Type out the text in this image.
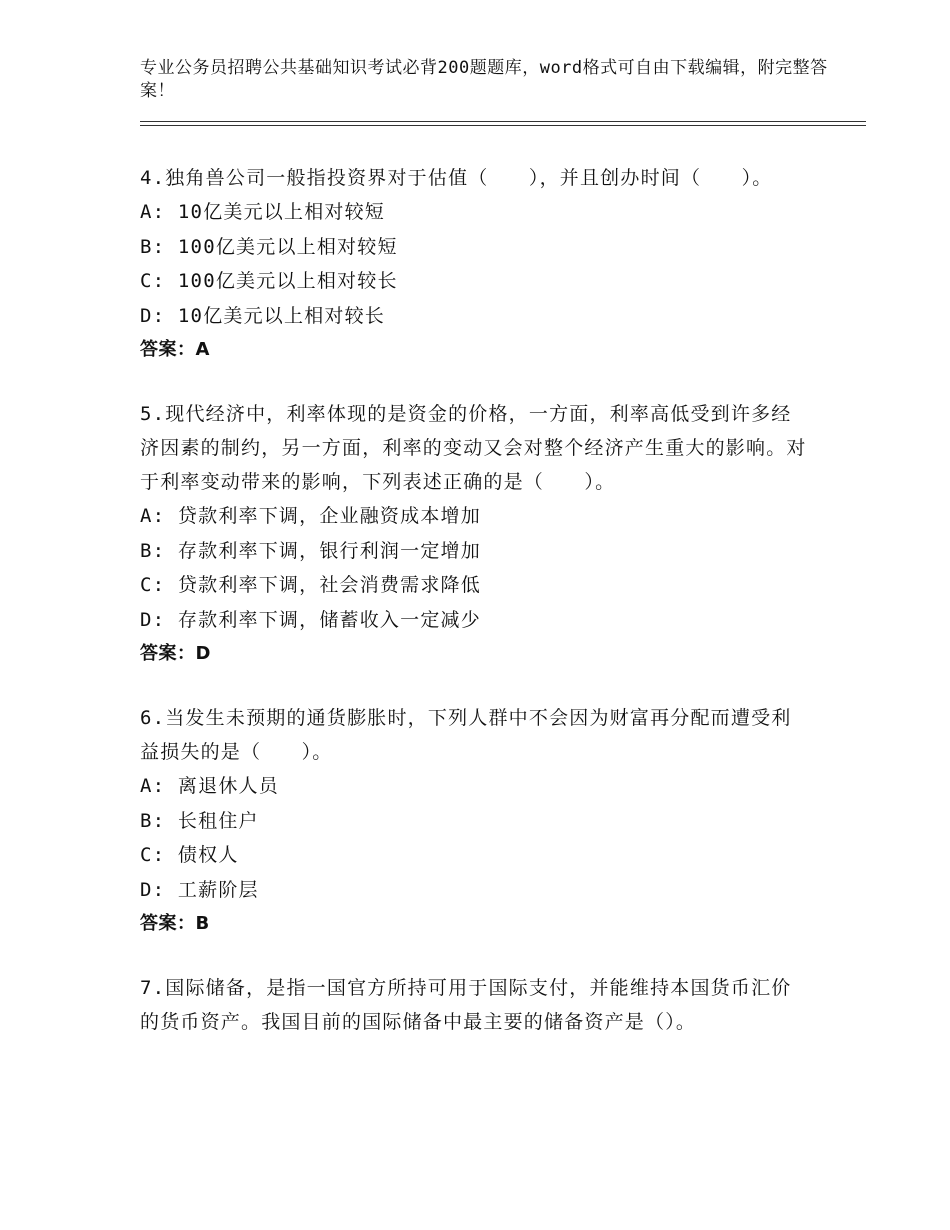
专业公务员招聘公共基础知识考试必背200题题库，word格式可自由下载编辑，附完整答案！
4.独角兽公司一般指投资界对于估值（　　），并且创办时间（　　）。
A: 10亿美元以上相对较短
B: 100亿美元以上相对较短
C: 100亿美元以上相对较长
D: 10亿美元以上相对较长
答案：A
5.现代经济中，利率体现的是资金的价格，一方面，利率高低受到许多经济因素的制约，另一方面，利率的变动又会对整个经济产生重大的影响。对于利率变动带来的影响，下列表述正确的是（　　）。
A: 贷款利率下调，企业融资成本增加
B: 存款利率下调，银行利润一定增加
C: 贷款利率下调，社会消费需求降低
D: 存款利率下调，储蓄收入一定减少
答案：D
6.当发生未预期的通货膨胀时，下列人群中不会因为财富再分配而遭受利益损失的是（　　）。
A: 离退休人员
B: 长租住户
C: 债权人
D: 工薪阶层
答案：B
7.国际储备，是指一国官方所持可用于国际支付，并能维持本国货币汇价的货币资产。我国目前的国际储备中最主要的储备资产是（）。
